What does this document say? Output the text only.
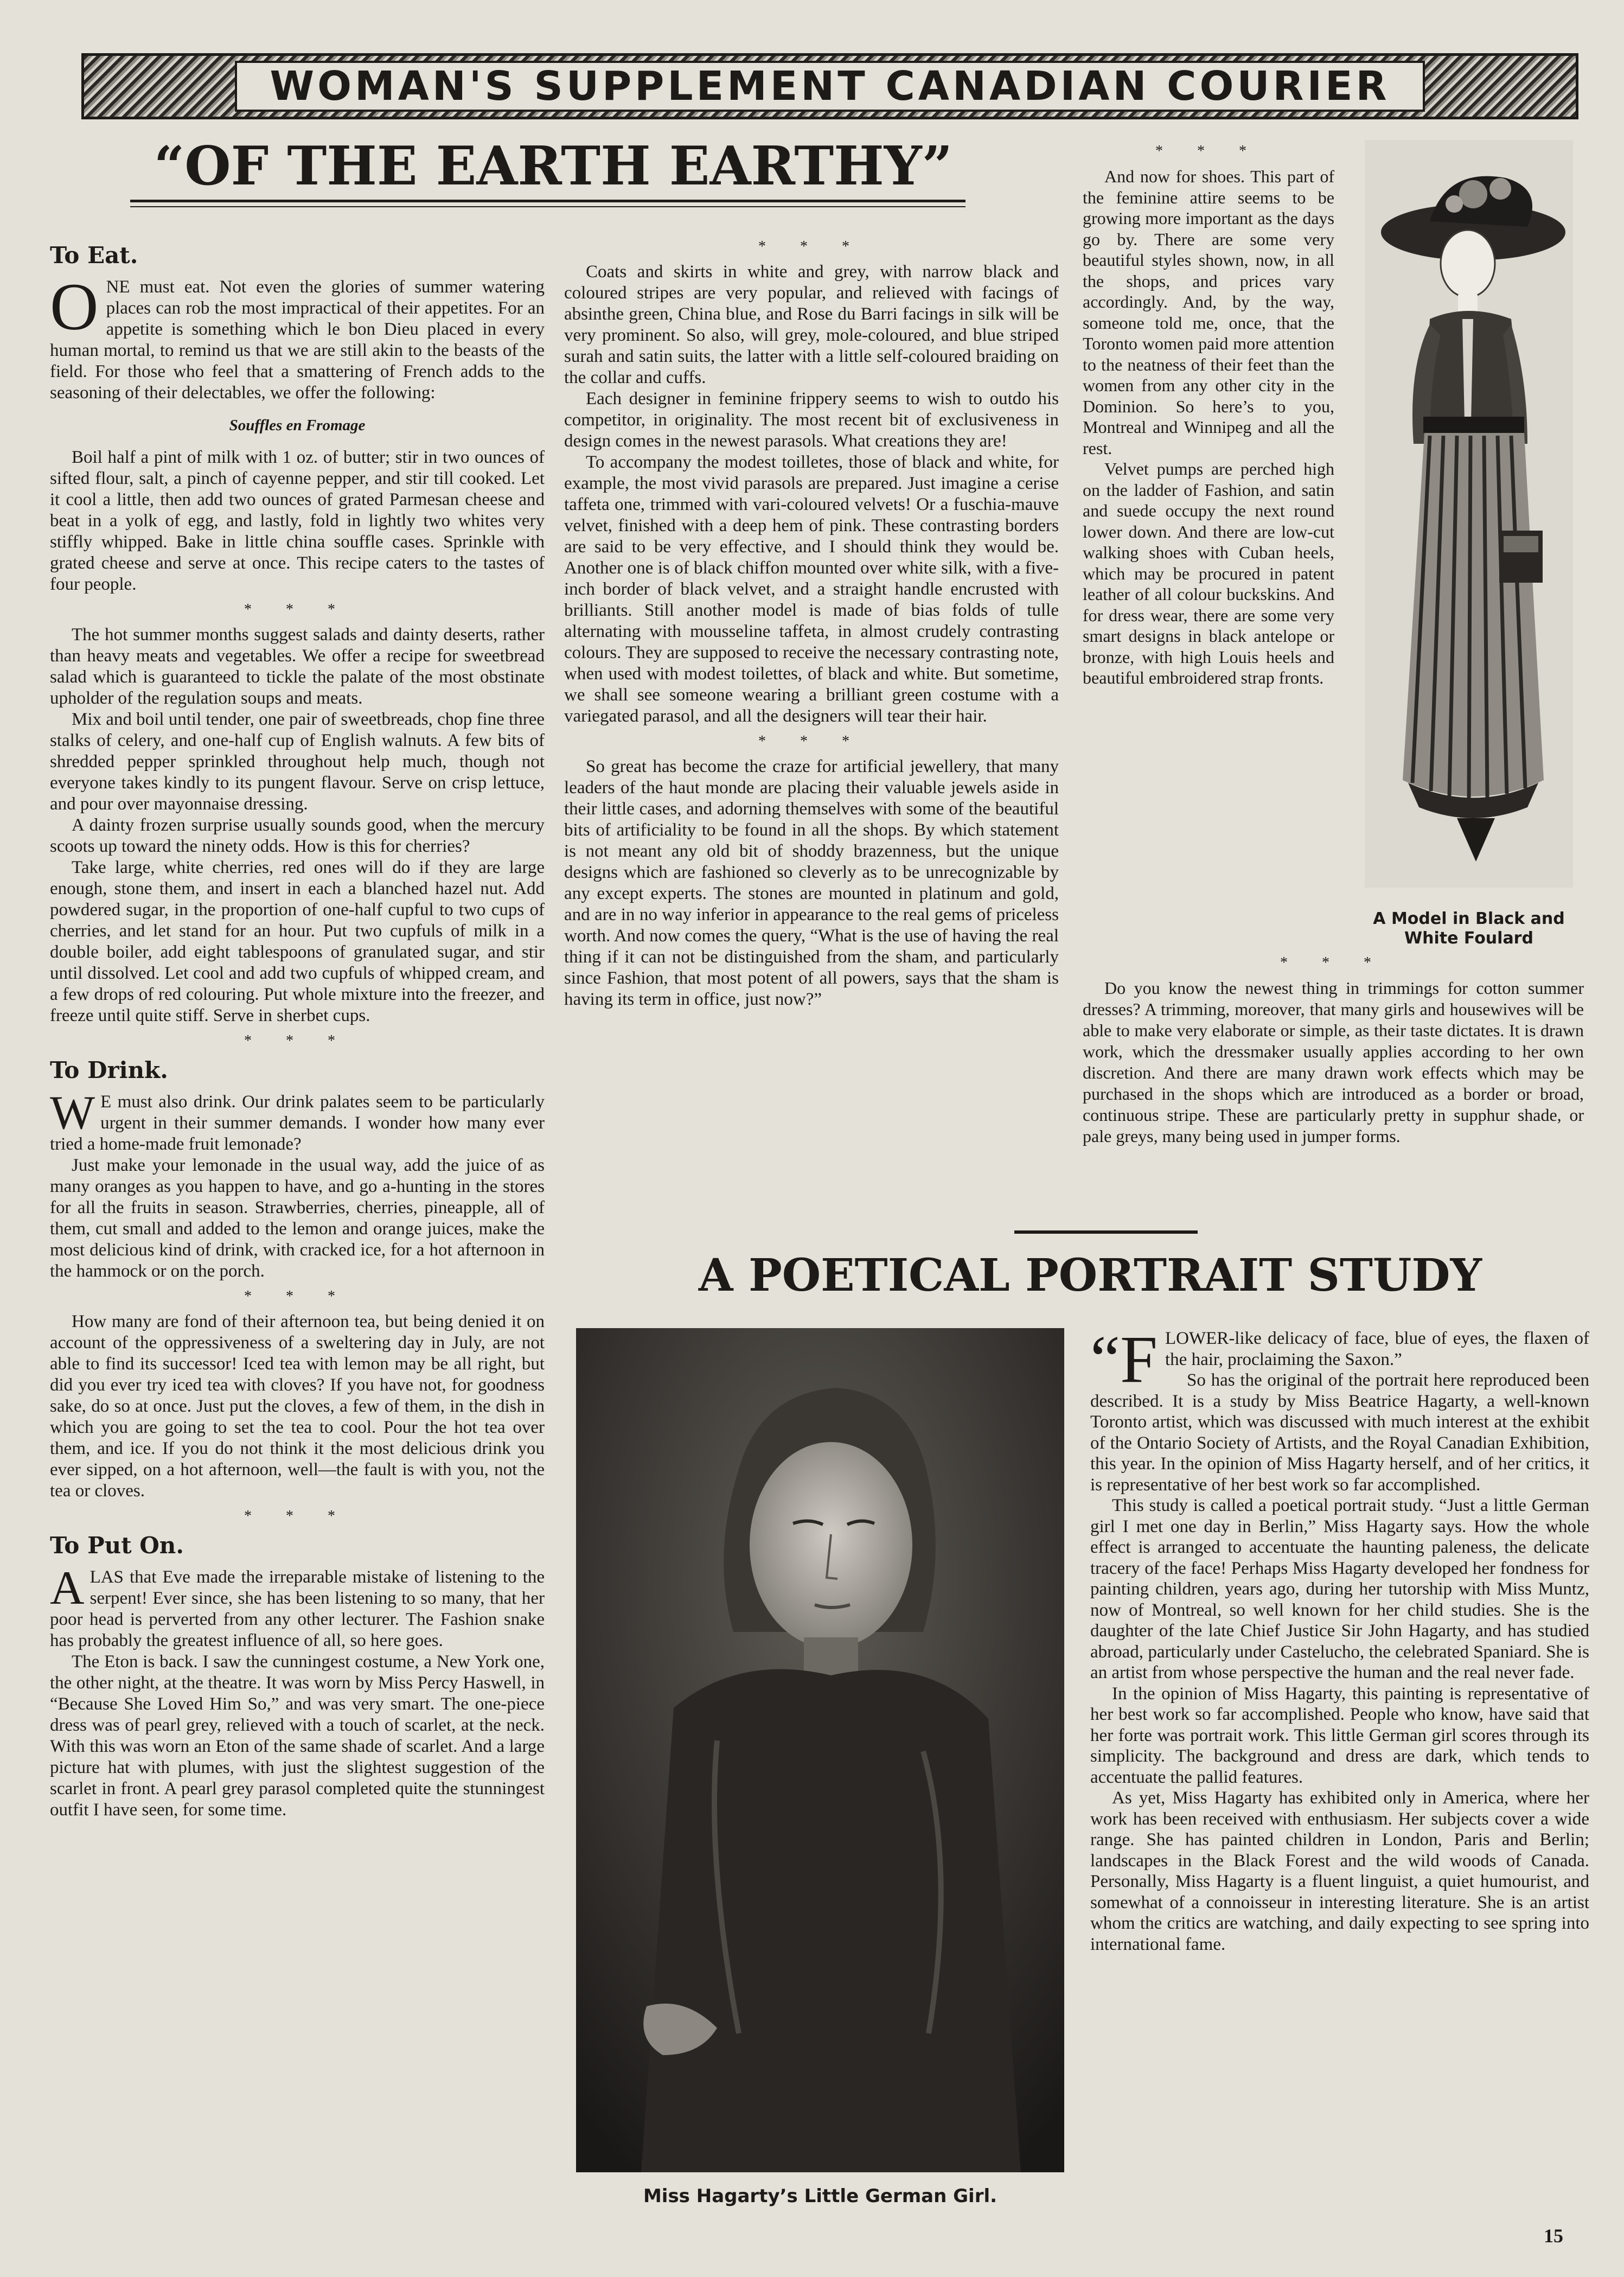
WOMAN'S SUPPLEMENT CANADIAN COURIER
“OF THE EARTH EARTHY”
To Eat.

ONE must eat. Not even the glories of summer watering places can rob the most impractical of their appetites. For an appetite is something which le bon Dieu placed in every human mortal, to remind us that we are still akin to the beasts of the field. For those who feel that a smattering of French adds to the seasoning of their delectables, we offer the following:

Souffles en Fromage

Boil half a pint of milk with 1 oz. of butter; stir in two ounces of sifted flour, salt, a pinch of cayenne pepper, and stir till cooked. Let it cool a little, then add two ounces of grated Parmesan cheese and beat in a yolk of egg, and lastly, fold in lightly two whites very stiffly whipped. Bake in little china souffle cases. Sprinkle with grated cheese and serve at once. This recipe caters to the tastes of four people.

* * *

The hot summer months suggest salads and dainty deserts, rather than heavy meats and vegetables. We offer a recipe for sweetbread salad which is guaranteed to tickle the palate of the most obstinate upholder of the regulation soups and meats.

Mix and boil until tender, one pair of sweetbreads, chop fine three stalks of celery, and one-half cup of English walnuts. A few bits of shredded pepper sprinkled throughout help much, though not everyone takes kindly to its pungent flavour. Serve on crisp lettuce, and pour over mayonnaise dressing.

A dainty frozen surprise usually sounds good, when the mercury scoots up toward the ninety odds. How is this for cherries?

Take large, white cherries, red ones will do if they are large enough, stone them, and insert in each a blanched hazel nut. Add powdered sugar, in the proportion of one-half cupful to two cups of cherries, and let stand for an hour. Put two cupfuls of milk in a double boiler, add eight tablespoons of granulated sugar, and stir until dissolved. Let cool and add two cupfuls of whipped cream, and a few drops of red colouring. Put whole mixture into the freezer, and freeze until quite stiff. Serve in sherbet cups.

* * *
To Drink.

W E must also drink. Our drink palates seem to be particularly urgent in their summer demands. I wonder how many ever tried a home-made fruit lemonade?

Just make your lemonade in the usual way, add the juice of as many oranges as you happen to have, and go a-hunting in the stores for all the fruits in season. Strawberries, cherries, pineapple, all of them, cut small and added to the lemon and orange juices, make the most delicious kind of drink, with cracked ice, for a hot afternoon in the hammock or on the porch.

* * *

How many are fond of their afternoon tea, but being denied it on account of the oppressiveness of a sweltering day in July, are not able to find its successor! Iced tea with lemon may be all right, but did you ever try iced tea with cloves? If you have not, for goodness sake, do so at once. Just put the cloves, a few of them, in the dish in which you are going to set the tea to cool. Pour the hot tea over them, and ice. If you do not think it the most delicious drink you ever sipped, on a hot afternoon, well—the fault is with you, not the tea or cloves.

* * *
To Put On.

ALAS that Eve made the irreparable mistake of listening to the serpent! Ever since, she has been listening to so many, that her poor head is perverted from any other lecturer. The Fashion snake has probably the greatest influence of all, so here goes.

The Eton is back. I saw the cunningest costume, a New York one, the other night, at the theatre. It was worn by Miss Percy Haswell, in “Because She Loved Him So,” and was very smart. The one-piece dress was of pearl grey, relieved with a touch of scarlet, at the neck. With this was worn an Eton of the same shade of scarlet. And a large picture hat with plumes, with just the slightest suggestion of the scarlet in front. A pearl grey parasol completed quite the stunningest outfit I have seen, for some time.

* * *

Coats and skirts in white and grey, with narrow black and coloured stripes are very popular, and relieved with facings of absinthe green, China blue, and Rose du Barri facings in silk will be very prominent. So also, will grey, mole-coloured, and blue striped surah and satin suits, the latter with a little self-coloured braiding on the collar and cuffs.

Each designer in feminine frippery seems to wish to outdo his competitor, in originality. The most recent bit of exclusiveness in design comes in the newest parasols. What creations they are!

To accompany the modest toilletes, those of black and white, for example, the most vivid parasols are prepared. Just imagine a cerise taffeta one, trimmed with vari-coloured velvets! Or a fuschia-mauve velvet, finished with a deep hem of pink. These contrasting borders are said to be very effective, and I should think they would be. Another one is of black chiffon mounted over white silk, with a five-inch border of black velvet, and a straight handle encrusted with brilliants. Still another model is made of bias folds of tulle alternating with mousseline taffeta, in almost crudely contrasting colours. They are supposed to receive the necessary contrasting note, when used with modest toilettes, of black and white. But sometime, we shall see someone wearing a brilliant green costume with a variegated parasol, and all the designers will tear their hair.

* * *

So great has become the craze for artificial jewellery, that many leaders of the haut monde are placing their valuable jewels aside in their little cases, and adorning themselves with some of the beautiful bits of artificiality to be found in all the shops. By which statement is not meant any old bit of shoddy brazenness, but the unique designs which are fashioned so cleverly as to be unrecognizable by any except experts. The stones are mounted in platinum and gold, and are in no way inferior in appearance to the real gems of priceless worth. And now comes the query, “What is the use of having the real thing if it can not be distinguished from the sham, and particularly since Fashion, that most potent of all powers, says that the sham is having its term in office, just now?”

* * *

And now for shoes. This part of the feminine attire seems to be growing more important as the days go by. There are some very beautiful styles shown, now, in all the shops, and prices vary accordingly. And, by the way, someone told me, once, that the Toronto women paid more attention to the neatness of their feet than the women from any other city in the Dominion. So here’s to you, Montreal and Winnipeg and all the rest.

Velvet pumps are perched high on the ladder of Fashion, and satin and suede occupy the next round lower down. And there are low-cut walking shoes with Cuban heels, which may be procured in patent leather of all colour buckskins. And for dress wear, there are some very smart designs in black antelope or bronze, with high Louis heels and beautiful embroidered strap fronts.

A Model in Black and White Foulard
* * *

Do you know the newest thing in trimmings for cotton summer dresses? A trimming, moreover, that many girls and housewives will be able to make very elaborate or simple, as their taste dictates. It is drawn work, which the dressmaker usually applies according to her own discretion. And there are many drawn work effects which may be purchased in the shops which are introduced as a border or broad, continuous stripe. These are particularly pretty in supphur shade, or pale greys, many being used in jumper forms.

A POETICAL PORTRAIT STUDY
Miss Hagarty’s Little German Girl.

“F LOWER-like delicacy of face, blue of eyes, the flaxen of the hair, proclaiming the Saxon.”

So has the original of the portrait here reproduced been described. It is a study by Miss Beatrice Hagarty, a well-known Toronto artist, which was discussed with much interest at the exhibit of the Ontario Society of Artists, and the Royal Canadian Exhibition, this year. In the opinion of Miss Hagarty herself, and of her critics, it is representative of her best work so far accomplished.

This study is called a poetical portrait study. “Just a little German girl I met one day in Berlin,” Miss Hagarty says. How the whole effect is arranged to accentuate the haunting paleness, the delicate tracery of the face! Perhaps Miss Hagarty developed her fondness for painting children, years ago, during her tutorship with Miss Muntz, now of Montreal, so well known for her child studies. She is the daughter of the late Chief Justice Sir John Hagarty, and has studied abroad, particularly under Castelucho, the celebrated Spaniard. She is an artist from whose perspective the human and the real never fade.

In the opinion of Miss Hagarty, this painting is representative of her best work so far accomplished. People who know, have said that her forte was portrait work. This little German girl scores through its simplicity. The background and dress are dark, which tends to accentuate the pallid features.

As yet, Miss Hagarty has exhibited only in America, where her work has been received with enthusiasm. Her subjects cover a wide range. She has painted children in London, Paris and Berlin; landscapes in the Black Forest and the wild woods of Canada. Personally, Miss Hagarty is a fluent linguist, a quiet humourist, and somewhat of a connoisseur in interesting literature. She is an artist whom the critics are watching, and daily expecting to see spring into international fame.

15
